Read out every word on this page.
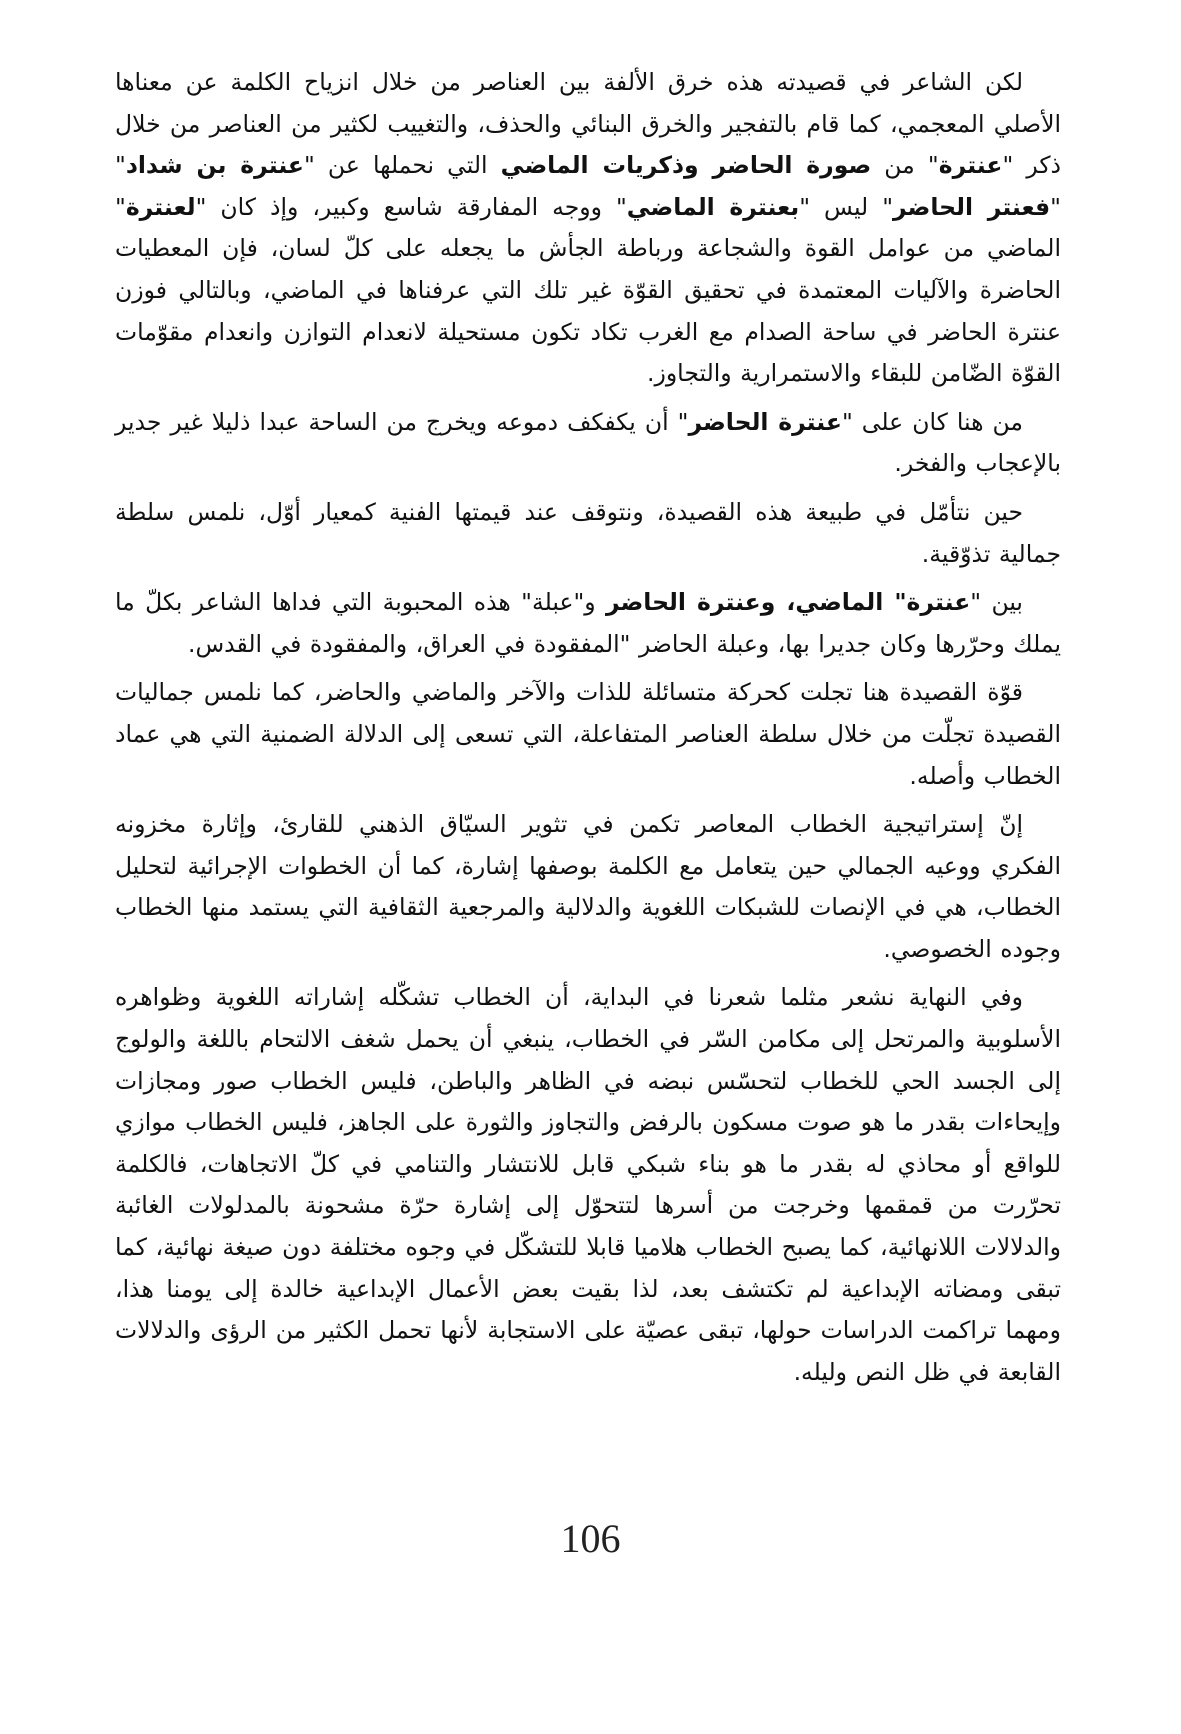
لكن الشاعر في قصيدته هذه خرق الألفة بين العناصر من خلال انزياح الكلمة عن معناها الأصلي المعجمي، كما قام بالتفجير والخرق البنائي والحذف، والتغييب لكثير من العناصر من خلال ذكر "عنترة" من صورة الحاضر وذكريات الماضي التي نحملها عن "عنترة بن شداد" "فعنتر الحاضر" ليس "بعنترة الماضي" ووجه المفارقة شاسع وكبير، وإذ كان "لعنترة" الماضي من عوامل القوة والشجاعة ورباطة الجأش ما يجعله على كلّ لسان، فإن المعطيات الحاضرة والآليات المعتمدة في تحقيق القوّة غير تلك التي عرفناها في الماضي، وبالتالي فوزن عنترة الحاضر في ساحة الصدام مع الغرب تكاد تكون مستحيلة لانعدام التوازن وانعدام مقوّمات القوّة الضّامن للبقاء والاستمرارية والتجاوز.

من هنا كان على "عنترة الحاضر" أن يكفكف دموعه ويخرج من الساحة عبدا ذليلا غير جدير بالإعجاب والفخر.

حين نتأمّل في طبيعة هذه القصيدة، ونتوقف عند قيمتها الفنية كمعيار أوّل، نلمس سلطة جمالية تذوّقية.

بين "عنترة" الماضي، وعنترة الحاضر و"عبلة" هذه المحبوبة التي فداها الشاعر بكلّ ما يملك وحرّرها وكان جديرا بها، وعبلة الحاضر "المفقودة في العراق، والمفقودة في القدس.

قوّة القصيدة هنا تجلت كحركة متسائلة للذات والآخر والماضي والحاضر، كما نلمس جماليات القصيدة تجلّت من خلال سلطة العناصر المتفاعلة، التي تسعى إلى الدلالة الضمنية التي هي عماد الخطاب وأصله.

إنّ إستراتيجية الخطاب المعاصر تكمن في تثوير السيّاق الذهني للقارئ، وإثارة مخزونه الفكري ووعيه الجمالي حين يتعامل مع الكلمة بوصفها إشارة، كما أن الخطوات الإجرائية لتحليل الخطاب، هي في الإنصات للشبكات اللغوية والدلالية والمرجعية الثقافية التي يستمد منها الخطاب وجوده الخصوصي.

وفي النهاية نشعر مثلما شعرنا في البداية، أن الخطاب تشكّله إشاراته اللغوية وظواهره الأسلوبية والمرتحل إلى مكامن السّر في الخطاب، ينبغي أن يحمل شغف الالتحام باللغة والولوج إلى الجسد الحي للخطاب لتحسّس نبضه في الظاهر والباطن، فليس الخطاب صور ومجازات وإيحاءات بقدر ما هو صوت مسكون بالرفض والتجاوز والثورة على الجاهز، فليس الخطاب موازي للواقع أو محاذي له بقدر ما هو بناء شبكي قابل للانتشار والتنامي في كلّ الاتجاهات، فالكلمة تحرّرت من قمقمها وخرجت من أسرها لتتحوّل إلى إشارة حرّة مشحونة بالمدلولات الغائبة والدلالات اللانهائية، كما يصبح الخطاب هلاميا قابلا للتشكّل في وجوه مختلفة دون صيغة نهائية، كما تبقى ومضاته الإبداعية لم تكتشف بعد، لذا بقيت بعض الأعمال الإبداعية خالدة إلى يومنا هذا، ومهما تراكمت الدراسات حولها، تبقى عصيّة على الاستجابة لأنها تحمل الكثير من الرؤى والدلالات القابعة في ظل النص وليله.

106
